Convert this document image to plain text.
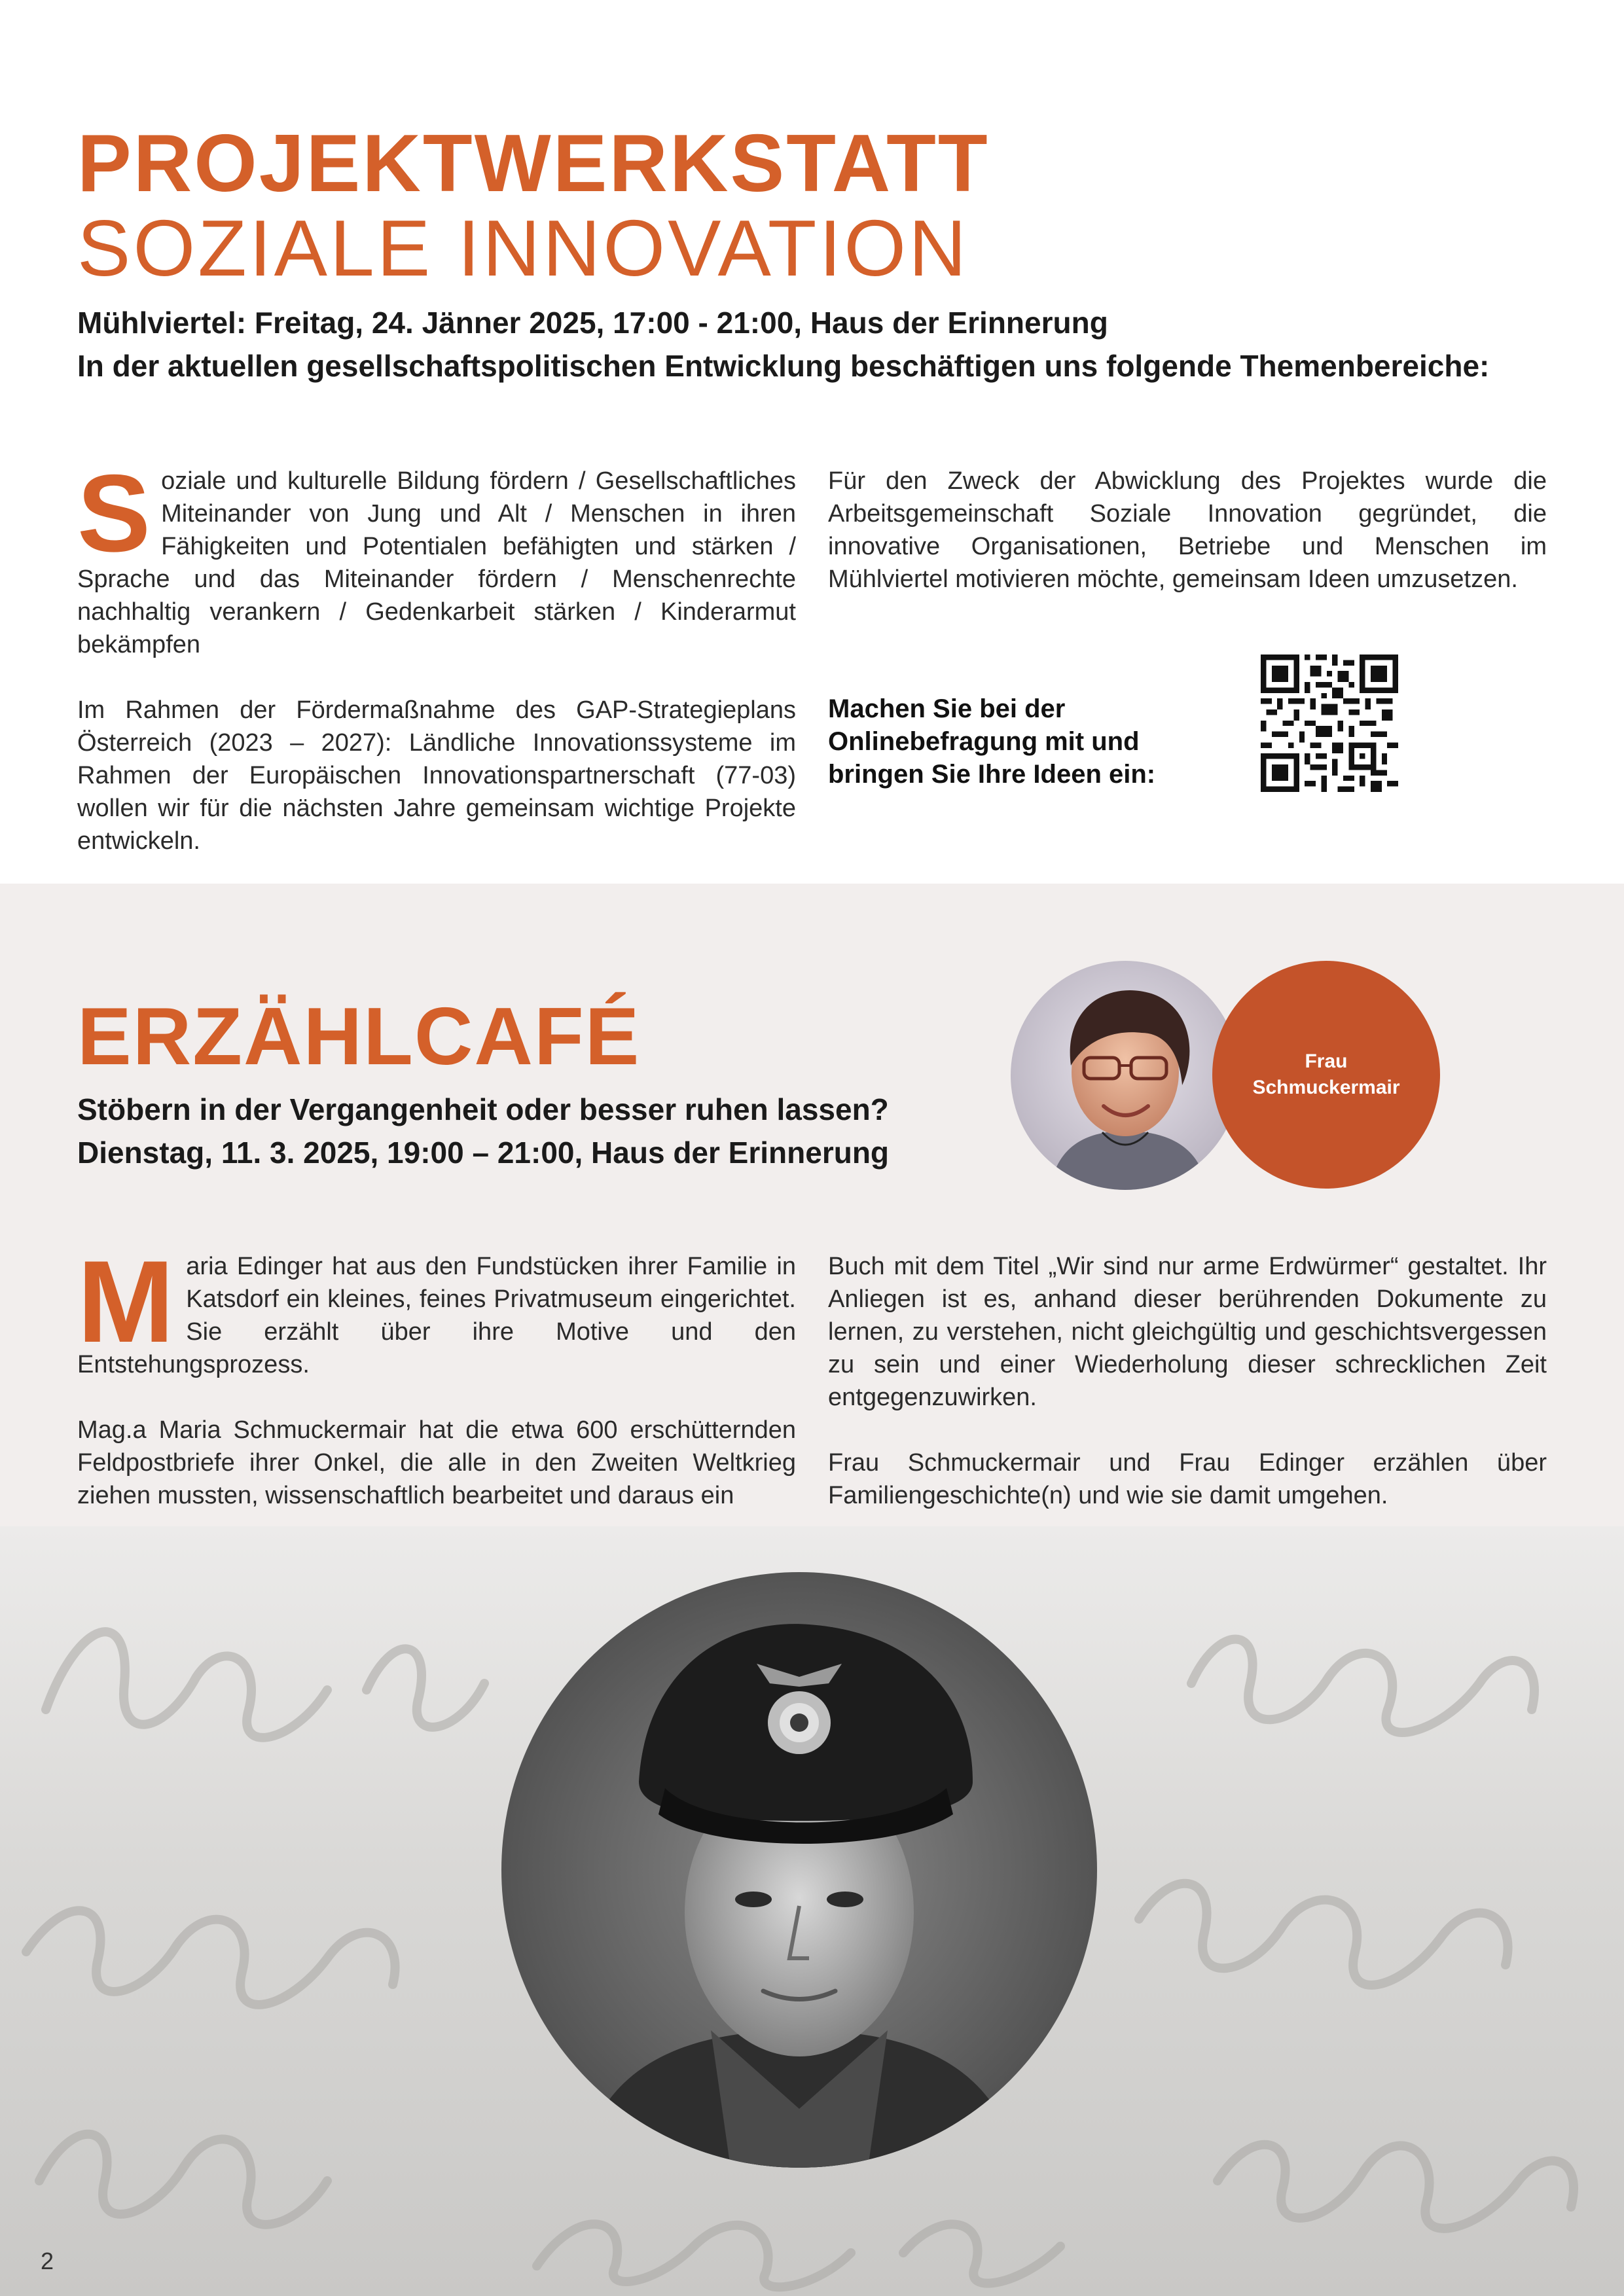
PROJEKTWERKSTATT
SOZIALE INNOVATION

Mühlviertel: Freitag, 24. Jänner 2025, 17:00 - 21:00, Haus der Erinnerung

In der aktuellen gesellschaftspolitischen Entwicklung beschäftigen uns folgende Themenbereiche:

Soziale und kulturelle Bildung fördern / Gesellschaftliches Miteinander von Jung und Alt / Menschen in ihren Fähigkeiten und Potentialen befähigten und stärken / Sprache und das Miteinander fördern / Menschenrechte nachhaltig verankern / Gedenkarbeit stärken / Kinderarmut bekämpfen

Im Rahmen der Fördermaßnahme des GAP-Strategieplans Österreich (2023 – 2027): Ländliche Innovationssysteme im Rahmen der Europäischen Innovationspartnerschaft (77-03) wollen wir für die nächsten Jahre gemeinsam wichtige Projekte entwickeln.

Für den Zweck der Abwicklung des Projektes wurde die Arbeitsgemeinschaft Soziale Innovation gegründet, die innovative Organisationen, Betriebe und Menschen im Mühlviertel motivieren möchte, gemeinsam Ideen umzusetzen.

Machen Sie bei der Onlinebefragung mit und bringen Sie Ihre Ideen ein:
ERZÄHLCAFÉ

Stöbern in der Vergangenheit oder besser ruhen lassen?

Dienstag, 11. 3. 2025, 19:00 – 21:00, Haus der Erinnerung

Frau
Schmuckermair

Maria Edinger hat aus den Fundstücken ihrer Familie in Katsdorf ein kleines, feines Privatmuseum eingerichtet. Sie erzählt über ihre Motive und den Entstehungsprozess.

Mag.a Maria Schmuckermair hat die etwa 600 erschütternden Feldpostbriefe ihrer Onkel, die alle in den Zweiten Weltkrieg ziehen mussten, wissenschaftlich bearbeitet und daraus ein

Buch mit dem Titel „Wir sind nur arme Erdwürmer“ gestaltet. Ihr Anliegen ist es, anhand dieser berührenden Dokumente zu lernen, zu verstehen, nicht gleichgültig und geschichtsvergessen zu sein und einer Wiederholung dieser schrecklichen Zeit entgegenzuwirken.

Frau Schmuckermair und Frau Edinger erzählen über Familiengeschichte(n) und wie sie damit umgehen.

2
